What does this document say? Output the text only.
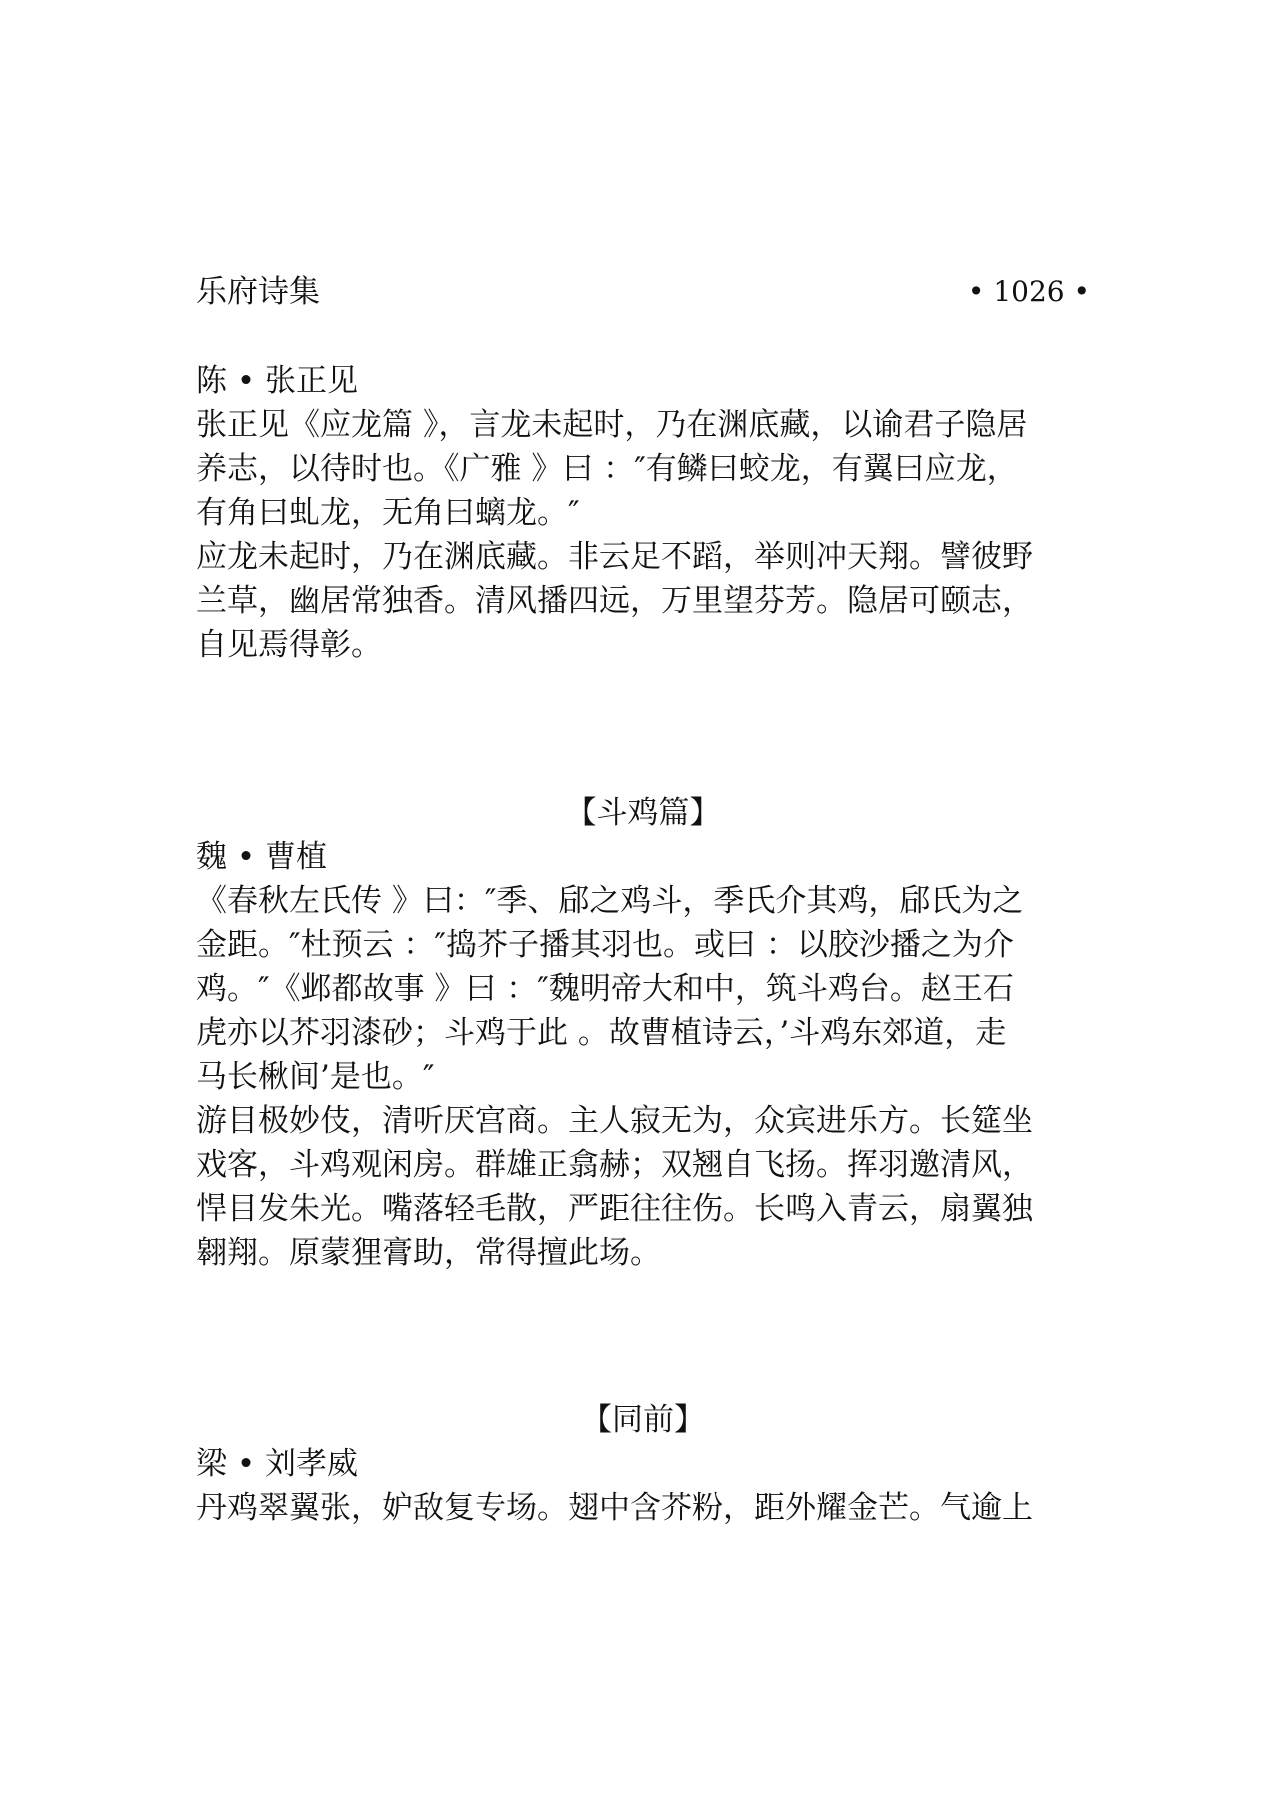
乐府诗集	• 1026 •
陈 • 张正见
张正见《应龙篇 》，言龙未起时，乃在渊底藏，以谕君子隐居
养志，以待时也。《广雅 》曰 ：″有鳞曰蛟龙，有翼曰应龙，
有角曰虬龙，无角曰螭龙。″
应龙未起时，乃在渊底藏。非云足不蹈，举则冲天翔。譬彼野
兰草，幽居常独香。清风播四远，万里望芬芳。隐居可颐志，
自见焉得彰。
【斗鸡篇】
魏 • 曹植
《春秋左氏传 》曰：″季、郈之鸡斗，季氏介其鸡，郈氏为之
金距。″杜预云 ：″捣芥子播其羽也。或曰 ：以胶沙播之为介
鸡。″《邺都故事 》曰 ：″魏明帝大和中，筑斗鸡台。赵王石
虎亦以芥羽漆砂；斗鸡于此 。故曹植诗云，’斗鸡东郊道，走
马长楸间’是也。″
游目极妙伎，清听厌宫商。主人寂无为，众宾进乐方。长筵坐
戏客，斗鸡观闲房。群雄正翕赫；双翘自飞扬。挥羽邀清风，
悍目发朱光。嘴落轻毛散，严距往往伤。长鸣入青云，扇翼独
翱翔。原蒙狸膏助，常得擅此场。
【同前】
梁 • 刘孝威
丹鸡翠翼张，妒敌复专场。翅中含芥粉，距外耀金芒。气逾上
